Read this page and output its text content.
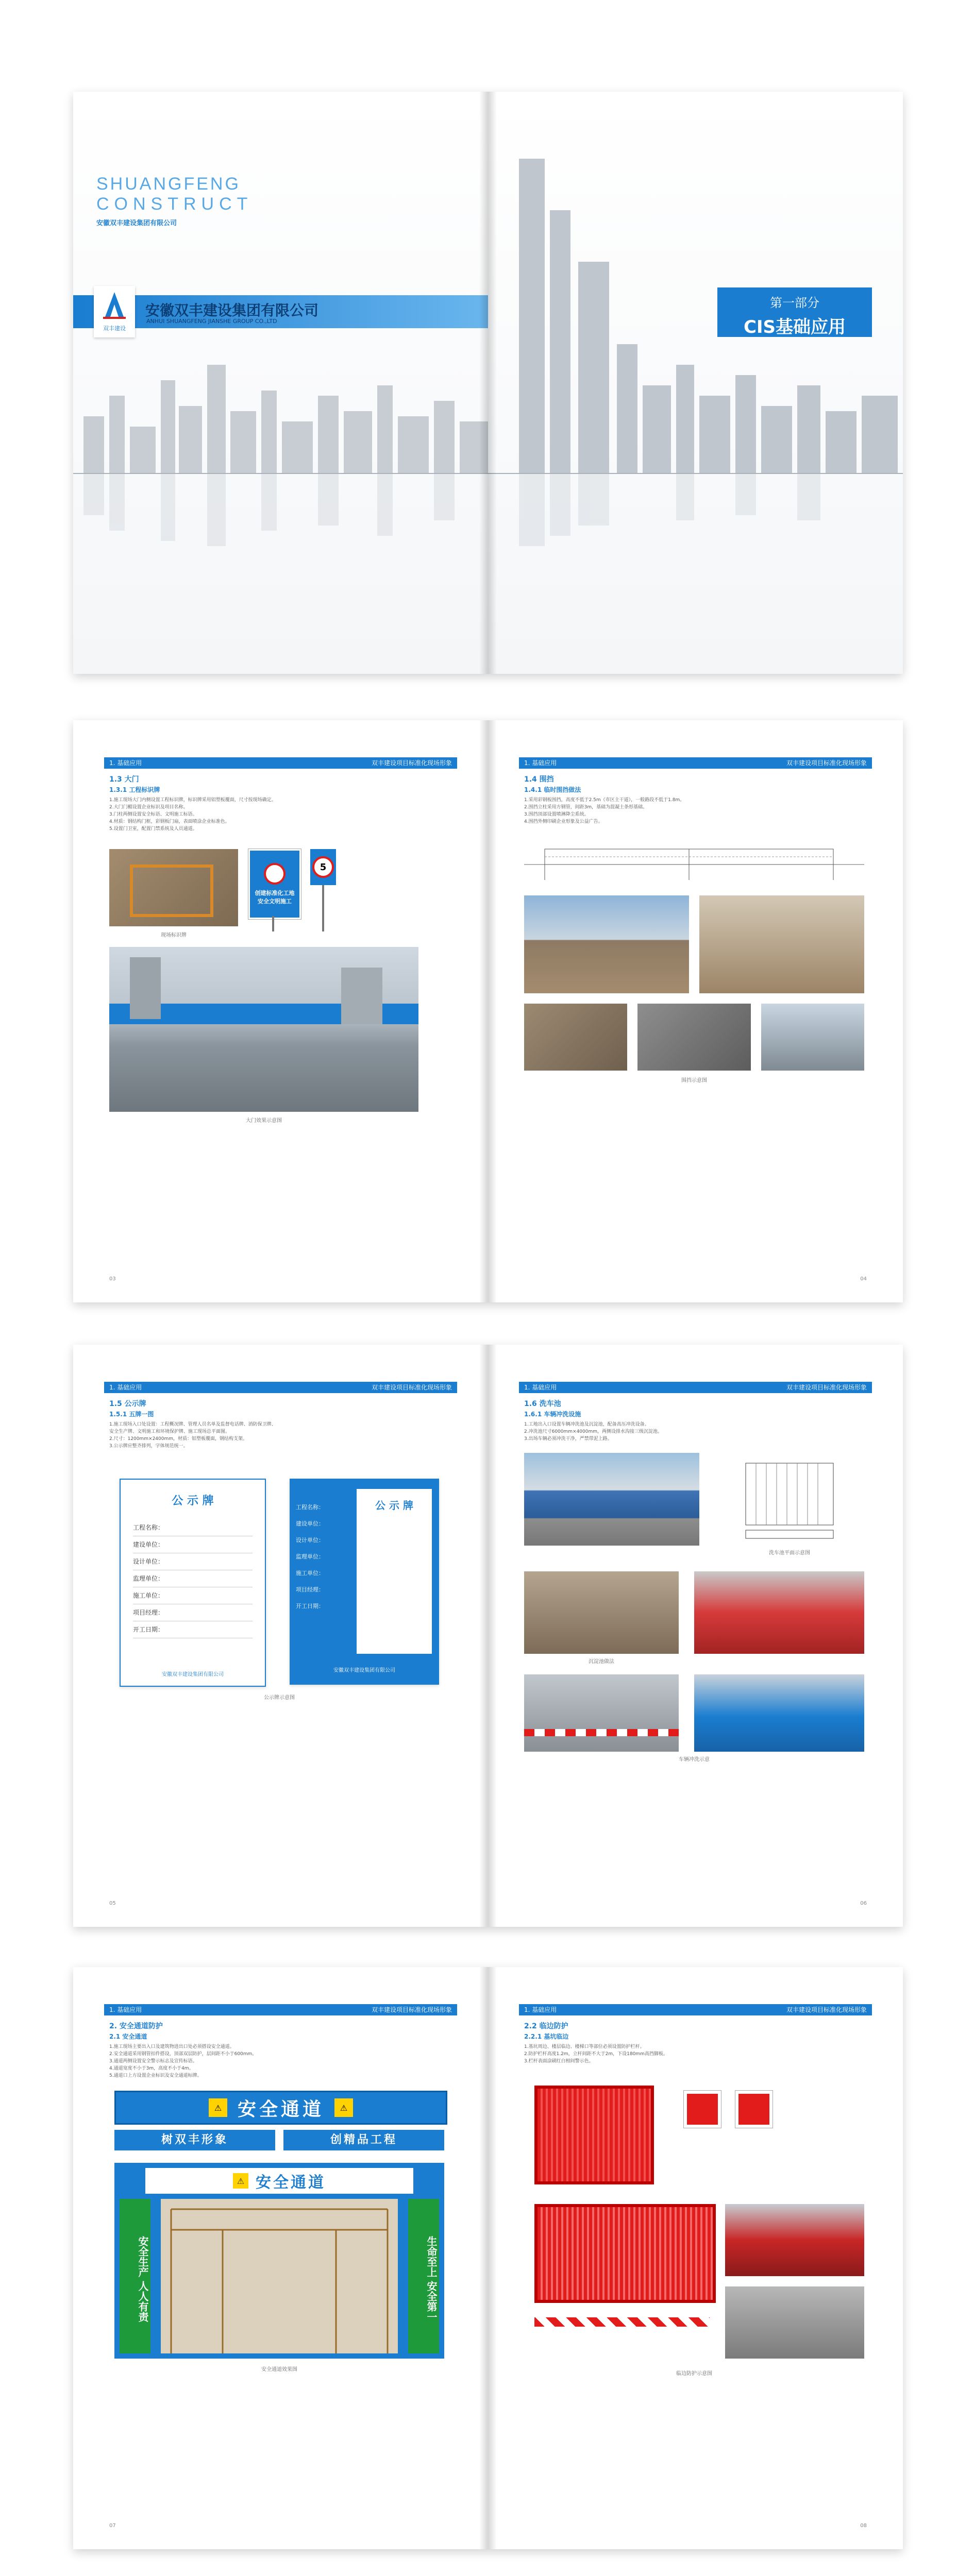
SHUANGFENG
CONSTRUCT
安徽双丰建设集团有限公司
双丰建设
安徽双丰建设集团有限公司
ANHUI SHUANGFENG JIANSHE GROUP CO.,LTD
第一部分
CIS基础应用
1. 基础应用	双丰建设项目标准化现场形象
1.3 大门
1.3.1 工程标识牌
1.施工现场大门内侧设置工程标识牌，标识牌采用铝塑板覆面，尺寸按现场确定。
2.大门门楣设置企业标识及项目名称。
3.门柱两侧设置安全标语、文明施工标语。
4.材质：钢结构门框，彩钢板门扇，表面喷涂企业标准色。
5.设置门卫室，配置门禁系统及人员通道。
现场标识牌
创建标准化工地
安全文明施工
5
大门效果示意图
03
1. 基础应用	双丰建设项目标准化现场形象
1.4 围挡
1.4.1 临时围挡做法
1.采用彩钢板围挡，高度不低于2.5m（市区主干道），一般路段不低于1.8m。
2.围挡立柱采用方钢管，间距3m，基础为混凝土条形基础。
3.围挡顶部设置喷淋降尘系统。
4.围挡外侧印刷企业形象及公益广告。
围挡示意图
04
1. 基础应用	双丰建设项目标准化现场形象
1.5 公示牌
1.5.1 五牌一图
1.施工现场入口处设置：工程概况牌、管理人员名单及监督电话牌、消防保卫牌、
安全生产牌、文明施工和环境保护牌、施工现场总平面图。
2.尺寸：1200mm×2400mm，材质：铝塑板覆面，钢结构支架。
3.公示牌应整齐排列，字体规范统一。
公 示 牌
工程名称：
建设单位：
设计单位：
监理单位：
施工单位：
项目经理：
开工日期：
安徽双丰建设集团有限公司
公 示 牌
工程名称：
建设单位：
设计单位：
监理单位：
施工单位：
项目经理：
开工日期：
安徽双丰建设集团有限公司
公示牌示意图
05
1. 基础应用	双丰建设项目标准化现场形象
1.6 洗车池
1.6.1 车辆冲洗设施
1.工地出入口设置车辆冲洗池及沉淀池，配备高压冲洗设备。
2.冲洗池尺寸6000mm×4000mm，两侧设排水沟接三级沉淀池。
3.出场车辆必须冲洗干净，严禁带泥上路。
洗车池平面示意图
沉淀池做法
车辆冲洗示意
06
1. 基础应用	双丰建设项目标准化现场形象
2. 安全通道防护
2.1 安全通道
1.施工现场主要出入口及建筑物进出口处必须搭设安全通道。
2.安全通道采用钢管扣件搭设，顶部双层防护，层间距不小于600mm。
3.通道两侧设置安全警示标志及宣传标语。
4.通道宽度不小于3m，高度不小于4m。
5.通道口上方设置企业标识及安全通道标牌。
⚠ 安全通道	⚠
树双丰形象	创精品工程
⚠ 安全通道
安全生产 人人有责	生命至上 安全第一
安全通道效果图
07
1. 基础应用	双丰建设项目标准化现场形象
2.2 临边防护
2.2.1 基坑临边
1.基坑周边、楼层临边、楼梯口等部位必须设置防护栏杆。
2.防护栏杆高度1.2m，立杆间距不大于2m，下设180mm高挡脚板。
3.栏杆表面涂刷红白相间警示色。
临边防护示意图
08
